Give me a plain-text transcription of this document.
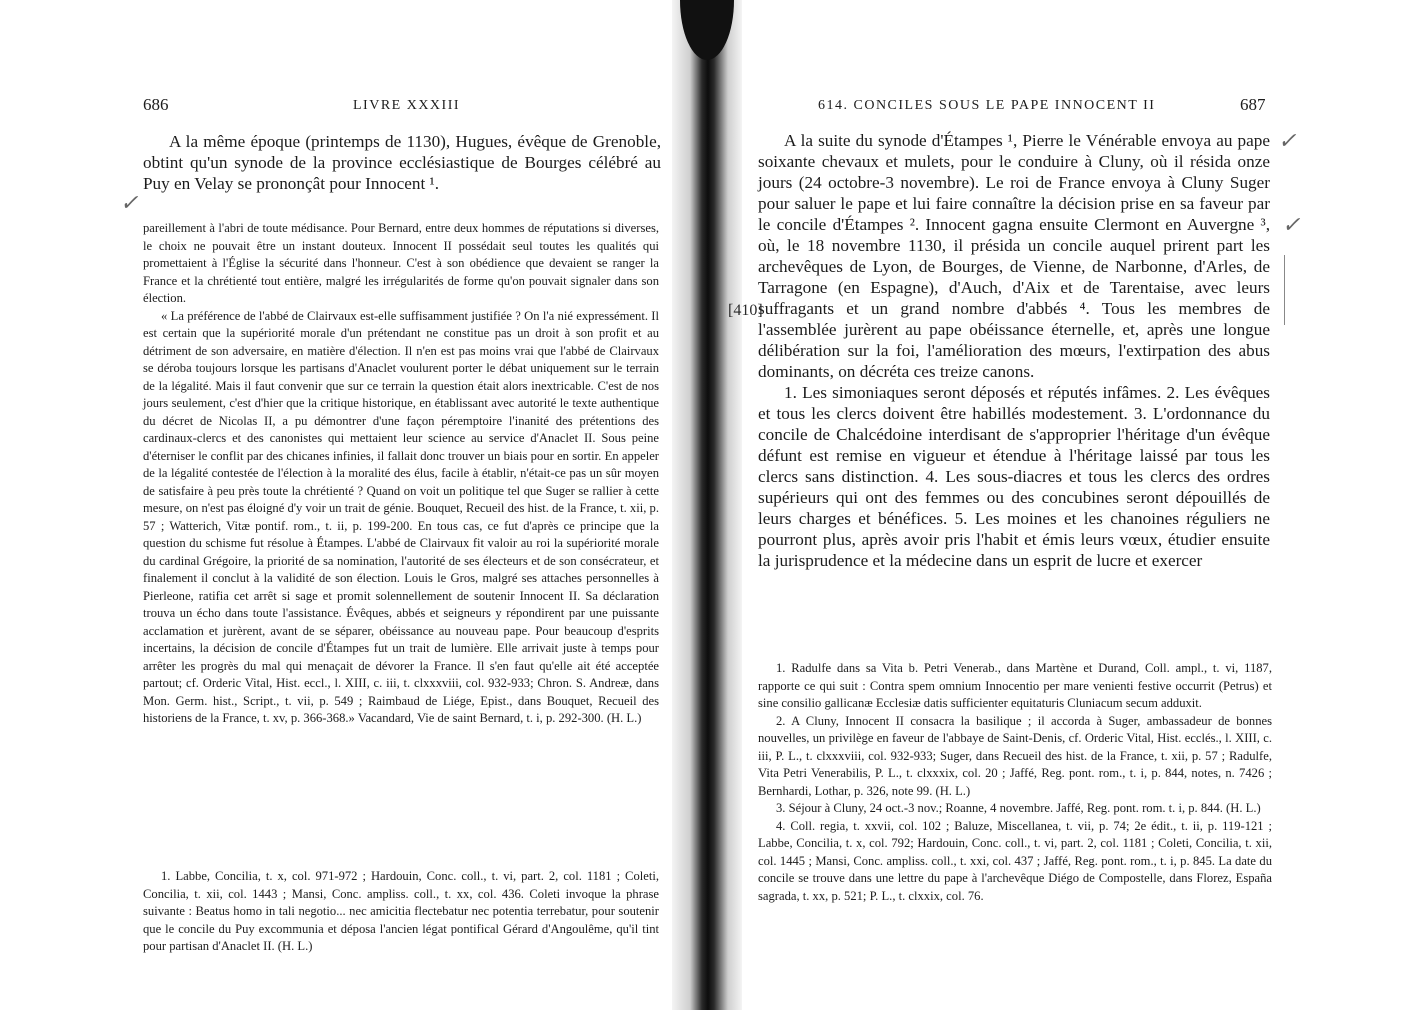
686	LIVRE XXXIII

A la même époque (printemps de 1130), Hugues, évêque de Grenoble, obtint qu'un synode de la province ecclésiastique de Bourges célébré au Puy en Velay se prononçât pour Innocent ¹.

✓

pareillement à l'abri de toute médisance. Pour Bernard, entre deux hommes de réputations si diverses, le choix ne pouvait être un instant douteux. Innocent II possédait seul toutes les qualités qui promettaient à l'Église la sécurité dans l'honneur. C'est à son obédience que devaient se ranger la France et la chrétienté tout entière, malgré les irrégularités de forme qu'on pouvait signaler dans son élection.

« La préférence de l'abbé de Clairvaux est-elle suffisamment justifiée ? On l'a nié expressément. Il est certain que la supériorité morale d'un prétendant ne constitue pas un droit à son profit et au détriment de son adversaire, en matière d'élection. Il n'en est pas moins vrai que l'abbé de Clairvaux se déroba toujours lorsque les partisans d'Anaclet voulurent porter le débat uniquement sur le terrain de la légalité. Mais il faut convenir que sur ce terrain la question était alors inextricable. C'est de nos jours seulement, c'est d'hier que la critique historique, en établissant avec autorité le texte authentique du décret de Nicolas II, a pu démontrer d'une façon péremptoire l'inanité des prétentions des cardinaux-clercs et des canonistes qui mettaient leur science au service d'Anaclet II. Sous peine d'éterniser le conflit par des chicanes infinies, il fallait donc trouver un biais pour en sortir. En appeler de la légalité contestée de l'élection à la moralité des élus, facile à établir, n'était-ce pas un sûr moyen de satisfaire à peu près toute la chrétienté ? Quand on voit un politique tel que Suger se rallier à cette mesure, on n'est pas éloigné d'y voir un trait de génie. Bouquet, Recueil des hist. de la France, t. xii, p. 57 ; Watterich, Vitæ pontif. rom., t. ii, p. 199-200. En tous cas, ce fut d'après ce principe que la question du schisme fut résolue à Étampes. L'abbé de Clairvaux fit valoir au roi la supériorité morale du cardinal Grégoire, la priorité de sa nomination, l'autorité de ses électeurs et de son consécrateur, et finalement il conclut à la validité de son élection. Louis le Gros, malgré ses attaches personnelles à Pierleone, ratifia cet arrêt si sage et promit solennellement de soutenir Innocent II. Sa déclaration trouva un écho dans toute l'assistance. Évêques, abbés et seigneurs y répondirent par une puissante acclamation et jurèrent, avant de se séparer, obéissance au nouveau pape. Pour beaucoup d'esprits incertains, la décision de concile d'Étampes fut un trait de lumière. Elle arrivait juste à temps pour arrêter les progrès du mal qui menaçait de dévorer la France. Il s'en faut qu'elle ait été acceptée partout; cf. Orderic Vital, Hist. eccl., l. XIII, c. iii, t. clxxxviii, col. 932-933; Chron. S. Andreæ, dans Mon. Germ. hist., Script., t. vii, p. 549 ; Raimbaud de Liége, Epist., dans Bouquet, Recueil des historiens de la France, t. xv, p. 366-368.» Vacandard, Vie de saint Bernard, t. i, p. 292-300. (H. L.)

1. Labbe, Concilia, t. x, col. 971-972 ; Hardouin, Conc. coll., t. vi, part. 2, col. 1181 ; Coleti, Concilia, t. xii, col. 1443 ; Mansi, Conc. ampliss. coll., t. xx, col. 436. Coleti invoque la phrase suivante : Beatus homo in tali negotio... nec amicitia flectebatur nec potentia terrebatur, pour soutenir que le concile du Puy excommunia et déposa l'ancien légat pontifical Gérard d'Angoulême, qu'il tint pour partisan d'Anaclet II. (H. L.)

614. CONCILES SOUS LE PAPE INNOCENT II	687
✓
✓
[410]

A la suite du synode d'Étampes ¹, Pierre le Vénérable envoya au pape soixante chevaux et mulets, pour le conduire à Cluny, où il résida onze jours (24 octobre-3 novembre). Le roi de France envoya à Cluny Suger pour saluer le pape et lui faire connaître la décision prise en sa faveur par le concile d'Étampes ². Innocent gagna ensuite Clermont en Auvergne ³, où, le 18 novembre 1130, il présida un concile auquel prirent part les archevêques de Lyon, de Bourges, de Vienne, de Narbonne, d'Arles, de Tarragone (en Espagne), d'Auch, d'Aix et de Tarentaise, avec leurs suffragants et un grand nombre d'abbés ⁴. Tous les membres de l'assemblée jurèrent au pape obéissance éternelle, et, après une longue délibération sur la foi, l'amélioration des mœurs, l'extirpation des abus dominants, on décréta ces treize canons.

1. Les simoniaques seront déposés et réputés infâmes. 2. Les évêques et tous les clercs doivent être habillés modestement. 3. L'ordonnance du concile de Chalcédoine interdisant de s'approprier l'héritage d'un évêque défunt est remise en vigueur et étendue à l'héritage laissé par tous les clercs sans distinction. 4. Les sous-diacres et tous les clercs des ordres supérieurs qui ont des femmes ou des concubines seront dépouillés de leurs charges et bénéfices. 5. Les moines et les chanoines réguliers ne pourront plus, après avoir pris l'habit et émis leurs vœux, étudier ensuite la jurisprudence et la médecine dans un esprit de lucre et exercer

1. Radulfe dans sa Vita b. Petri Venerab., dans Martène et Durand, Coll. ampl., t. vi, 1187, rapporte ce qui suit : Contra spem omnium Innocentio per mare venienti festive occurrit (Petrus) et sine consilio gallicanæ Ecclesiæ datis sufficienter equitaturis Cluniacum secum adduxit.

2. A Cluny, Innocent II consacra la basilique ; il accorda à Suger, ambassadeur de bonnes nouvelles, un privilège en faveur de l'abbaye de Saint-Denis, cf. Orderic Vital, Hist. ecclés., l. XIII, c. iii, P. L., t. clxxxviii, col. 932-933; Suger, dans Recueil des hist. de la France, t. xii, p. 57 ; Radulfe, Vita Petri Venerabilis, P. L., t. clxxxix, col. 20 ; Jaffé, Reg. pont. rom., t. i, p. 844, notes, n. 7426 ; Bernhardi, Lothar, p. 326, note 99. (H. L.)

3. Séjour à Cluny, 24 oct.-3 nov.; Roanne, 4 novembre. Jaffé, Reg. pont. rom. t. i, p. 844. (H. L.)

4. Coll. regia, t. xxvii, col. 102 ; Baluze, Miscellanea, t. vii, p. 74; 2e édit., t. ii, p. 119-121 ; Labbe, Concilia, t. x, col. 792; Hardouin, Conc. coll., t. vi, part. 2, col. 1181 ; Coleti, Concilia, t. xii, col. 1445 ; Mansi, Conc. ampliss. coll., t. xxi, col. 437 ; Jaffé, Reg. pont. rom., t. i, p. 845. La date du concile se trouve dans une lettre du pape à l'archevêque Diégo de Compostelle, dans Florez, España sagrada, t. xx, p. 521; P. L., t. clxxix, col. 76.
